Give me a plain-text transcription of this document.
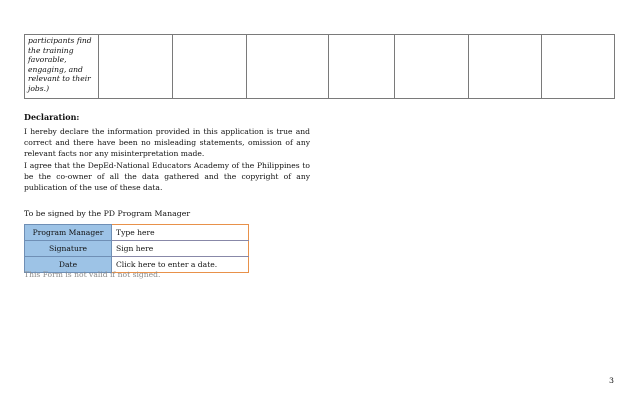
participants find
the training
favorable,
engaging, and
relevant to their
jobs.)

Declaration:
I hereby declare the information provided in this application is true and correct and there have been no misleading statements, omission of any relevant facts nor any misinterpretation made.
I agree that the DepEd-National Educators Academy of the Philippines to be the co-owner of all the data gathered and the copyright of any publication of the use of these data.
To be signed by the PD Program Manager
Program Manager	Type here
Signature	Sign here
Date	Click here to enter a date.
This Form is not valid if not signed.
3
